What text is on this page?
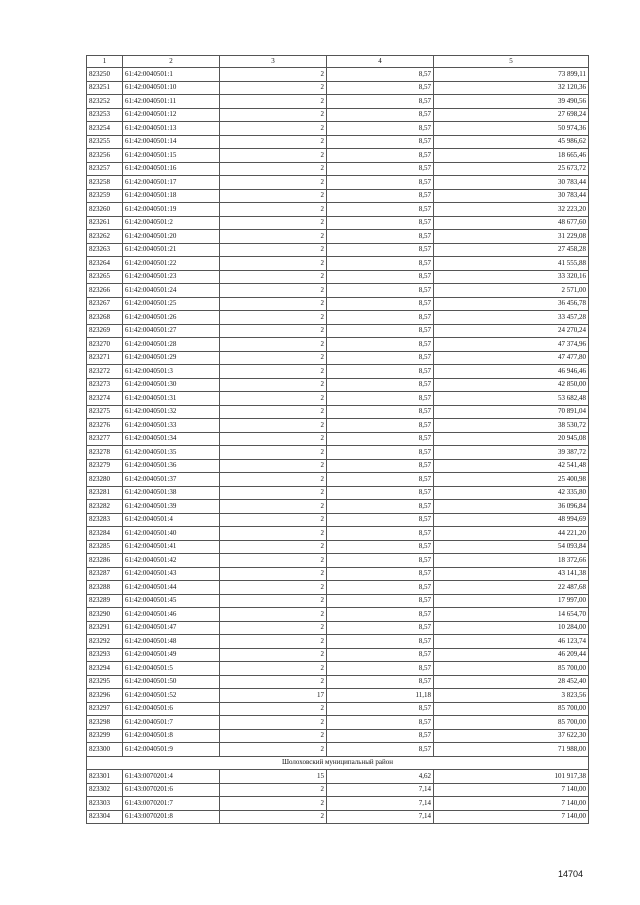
1	2	3	4	5
823250	61:42:0040501:1	2	8,57	73 899,11
823251	61:42:0040501:10	2	8,57	32 120,36
823252	61:42:0040501:11	2	8,57	39 490,56
823253	61:42:0040501:12	2	8,57	27 698,24
823254	61:42:0040501:13	2	8,57	50 974,36
823255	61:42:0040501:14	2	8,57	45 986,62
823256	61:42:0040501:15	2	8,57	18 665,46
823257	61:42:0040501:16	2	8,57	25 673,72
823258	61:42:0040501:17	2	8,57	30 783,44
823259	61:42:0040501:18	2	8,57	30 783,44
823260	61:42:0040501:19	2	8,57	32 223,20
823261	61:42:0040501:2	2	8,57	48 677,60
823262	61:42:0040501:20	2	8,57	31 229,08
823263	61:42:0040501:21	2	8,57	27 458,28
823264	61:42:0040501:22	2	8,57	41 555,88
823265	61:42:0040501:23	2	8,57	33 320,16
823266	61:42:0040501:24	2	8,57	2 571,00
823267	61:42:0040501:25	2	8,57	36 456,78
823268	61:42:0040501:26	2	8,57	33 457,28
823269	61:42:0040501:27	2	8,57	24 270,24
823270	61:42:0040501:28	2	8,57	47 374,96
823271	61:42:0040501:29	2	8,57	47 477,80
823272	61:42:0040501:3	2	8,57	46 946,46
823273	61:42:0040501:30	2	8,57	42 850,00
823274	61:42:0040501:31	2	8,57	53 682,48
823275	61:42:0040501:32	2	8,57	70 891,04
823276	61:42:0040501:33	2	8,57	38 530,72
823277	61:42:0040501:34	2	8,57	20 945,08
823278	61:42:0040501:35	2	8,57	39 387,72
823279	61:42:0040501:36	2	8,57	42 541,48
823280	61:42:0040501:37	2	8,57	25 400,98
823281	61:42:0040501:38	2	8,57	42 335,80
823282	61:42:0040501:39	2	8,57	36 096,84
823283	61:42:0040501:4	2	8,57	48 994,69
823284	61:42:0040501:40	2	8,57	44 221,20
823285	61:42:0040501:41	2	8,57	54 093,84
823286	61:42:0040501:42	2	8,57	18 372,66
823287	61:42:0040501:43	2	8,57	43 141,38
823288	61:42:0040501:44	2	8,57	22 487,68
823289	61:42:0040501:45	2	8,57	17 997,00
823290	61:42:0040501:46	2	8,57	14 654,70
823291	61:42:0040501:47	2	8,57	10 284,00
823292	61:42:0040501:48	2	8,57	46 123,74
823293	61:42:0040501:49	2	8,57	46 209,44
823294	61:42:0040501:5	2	8,57	85 700,00
823295	61:42:0040501:50	2	8,57	28 452,40
823296	61:42:0040501:52	17	11,18	3 823,56
823297	61:42:0040501:6	2	8,57	85 700,00
823298	61:42:0040501:7	2	8,57	85 700,00
823299	61:42:0040501:8	2	8,57	37 622,30
823300	61:42:0040501:9	2	8,57	71 988,00
Шолоховский муниципальный район				
823301	61:43:0070201:4	15	4,62	101 917,38
823302	61:43:0070201:6	2	7,14	7 140,00
823303	61:43:0070201:7	2	7,14	7 140,00
823304	61:43:0070201:8	2	7,14	7 140,00
14704
